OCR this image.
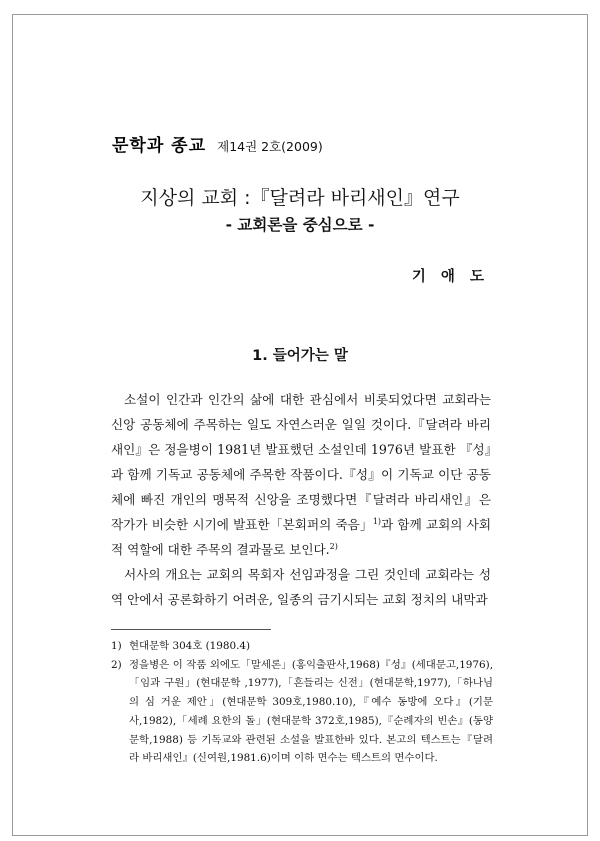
문학과 종교 제14권 2호(2009)
지상의 교회 :『달려라 바리새인』연구
- 교회론을 중심으로 -
기 애 도
1. 들어가는 말

소설이 인간과 인간의 삶에 대한 관심에서 비롯되었다면 교회라는 신앙 공동체에 주목하는 일도 자연스러운 일일 것이다.『달려라 바리새인』은 정을병이 1981년 발표했던 소설인데 1976년 발표한 『성』과 함께 기독교 공동체에 주목한 작품이다.『성』이 기독교 이단 공동체에 빠진 개인의 맹목적 신앙을 조명했다면『달려라 바리새인』은 작가가 비슷한 시기에 발표한「본회퍼의 죽음」$^{1)}$과 함께 교회의 사회적 역할에 대한 주목의 결과물로 보인다.$^{2)}$

서사의 개요는 교회의 목회자 선임과정을 그린 것인데 교회라는 성역 안에서 공론화하기 어려운, 일종의 금기시되는 교회 정치의 내막과

1) 현대문학 304호 (1980.4)
2) 정을병은 이 작품 외에도「말세론」(홍익출판사,1968)『성』(세대문고,1976),「임과 구원」(현대문학 ,1977),「흔들리는 신전」(현대문학,1977),「하나님의 심 거운 제안」(현대문학 309호,1980.10),『예수 동방에 오다』(기문사,1982),「세례 요한의 돌」(현대문학 372호,1985),『순례자의 빈손』(동양문학,1988) 등 기독교와 관련된 소설을 발표한바 있다. 본고의 텍스트는『달려라 바리새인』(신여원,1981.6)이며 이하 면수는 텍스트의 면수이다.
